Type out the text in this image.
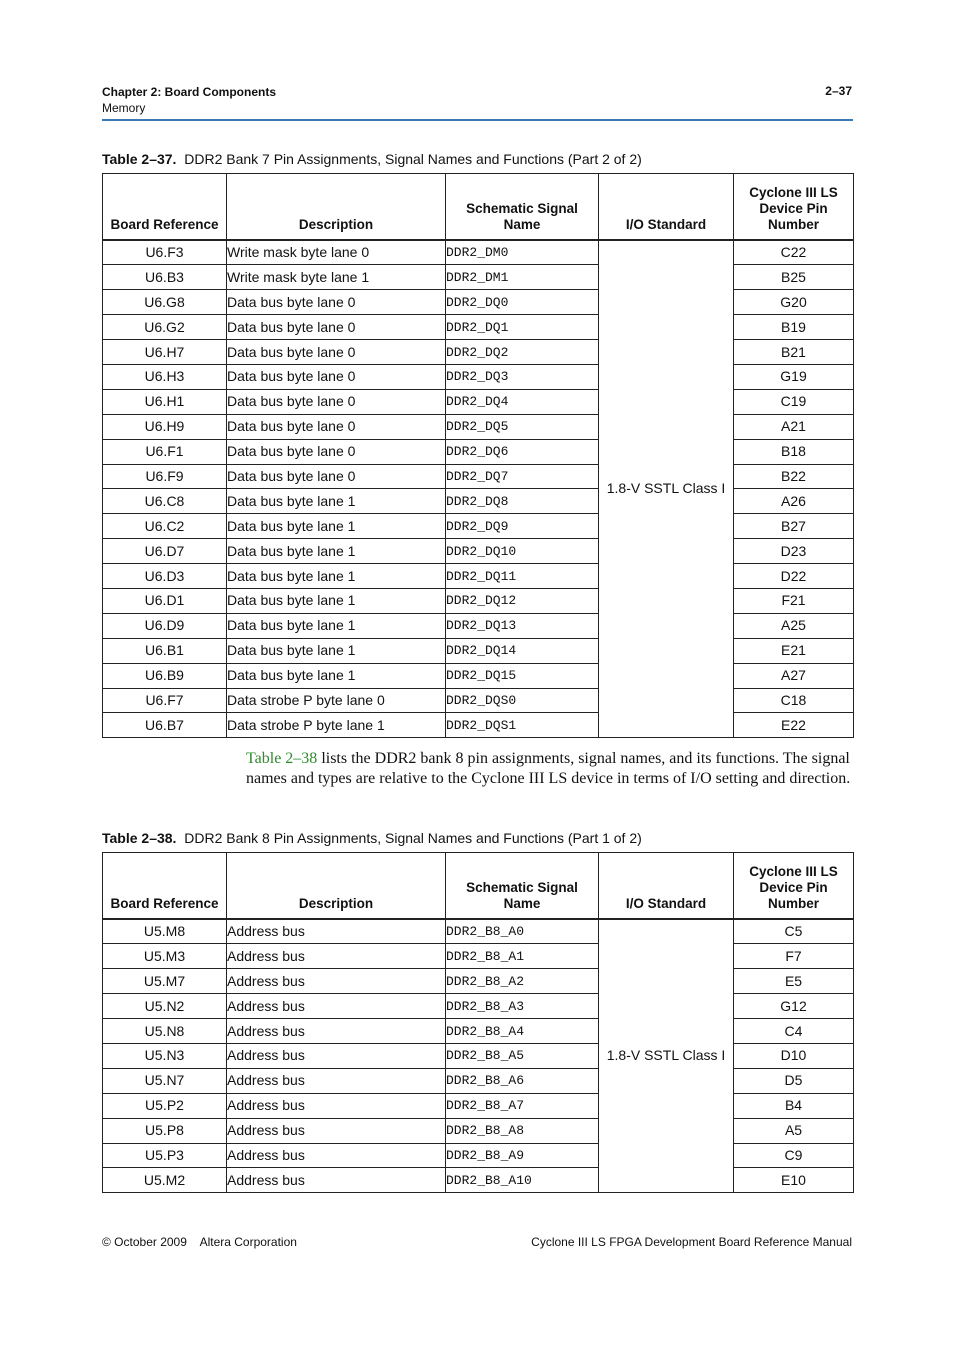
Chapter 2: Board Components
Memory
2–37
Table 2–37. DDR2 Bank 7 Pin Assignments, Signal Names and Functions (Part 2 of 2)
Board Reference	Description	Schematic Signal Name	I/O Standard	Cyclone III LS Device Pin Number
U6.F3	Write mask byte lane 0	DDR2_DM0	1.8-V SSTL Class I	C22
U6.B3	Write mask byte lane 1	DDR2_DM1		B25
U6.G8	Data bus byte lane 0	DDR2_DQ0		G20
U6.G2	Data bus byte lane 0	DDR2_DQ1		B19
U6.H7	Data bus byte lane 0	DDR2_DQ2		B21
U6.H3	Data bus byte lane 0	DDR2_DQ3		G19
U6.H1	Data bus byte lane 0	DDR2_DQ4		C19
U6.H9	Data bus byte lane 0	DDR2_DQ5		A21
U6.F1	Data bus byte lane 0	DDR2_DQ6		B18
U6.F9	Data bus byte lane 0	DDR2_DQ7		B22
U6.C8	Data bus byte lane 1	DDR2_DQ8		A26
U6.C2	Data bus byte lane 1	DDR2_DQ9		B27
U6.D7	Data bus byte lane 1	DDR2_DQ10		D23
U6.D3	Data bus byte lane 1	DDR2_DQ11		D22
U6.D1	Data bus byte lane 1	DDR2_DQ12		F21
U6.D9	Data bus byte lane 1	DDR2_DQ13		A25
U6.B1	Data bus byte lane 1	DDR2_DQ14		E21
U6.B9	Data bus byte lane 1	DDR2_DQ15		A27
U6.F7	Data strobe P byte lane 0	DDR2_DQS0		C18
U6.B7	Data strobe P byte lane 1	DDR2_DQS1		E22
Table 2–38 lists the DDR2 bank 8 pin assignments, signal names, and its functions. The signal names and types are relative to the Cyclone III LS device in terms of I/O setting and direction.
Table 2–38. DDR2 Bank 8 Pin Assignments, Signal Names and Functions (Part 1 of 2)
Board Reference	Description	Schematic Signal Name	I/O Standard	Cyclone III LS Device Pin Number
U5.M8	Address bus	DDR2_B8_A0	1.8-V SSTL Class I	C5
U5.M3	Address bus	DDR2_B8_A1		F7
U5.M7	Address bus	DDR2_B8_A2		E5
U5.N2	Address bus	DDR2_B8_A3		G12
U5.N8	Address bus	DDR2_B8_A4		C4
U5.N3	Address bus	DDR2_B8_A5		D10
U5.N7	Address bus	DDR2_B8_A6		D5
U5.P2	Address bus	DDR2_B8_A7		B4
U5.P8	Address bus	DDR2_B8_A8		A5
U5.P3	Address bus	DDR2_B8_A9		C9
U5.M2	Address bus	DDR2_B8_A10		E10
© October 2009    Altera Corporation	Cyclone III LS FPGA Development Board Reference Manual
